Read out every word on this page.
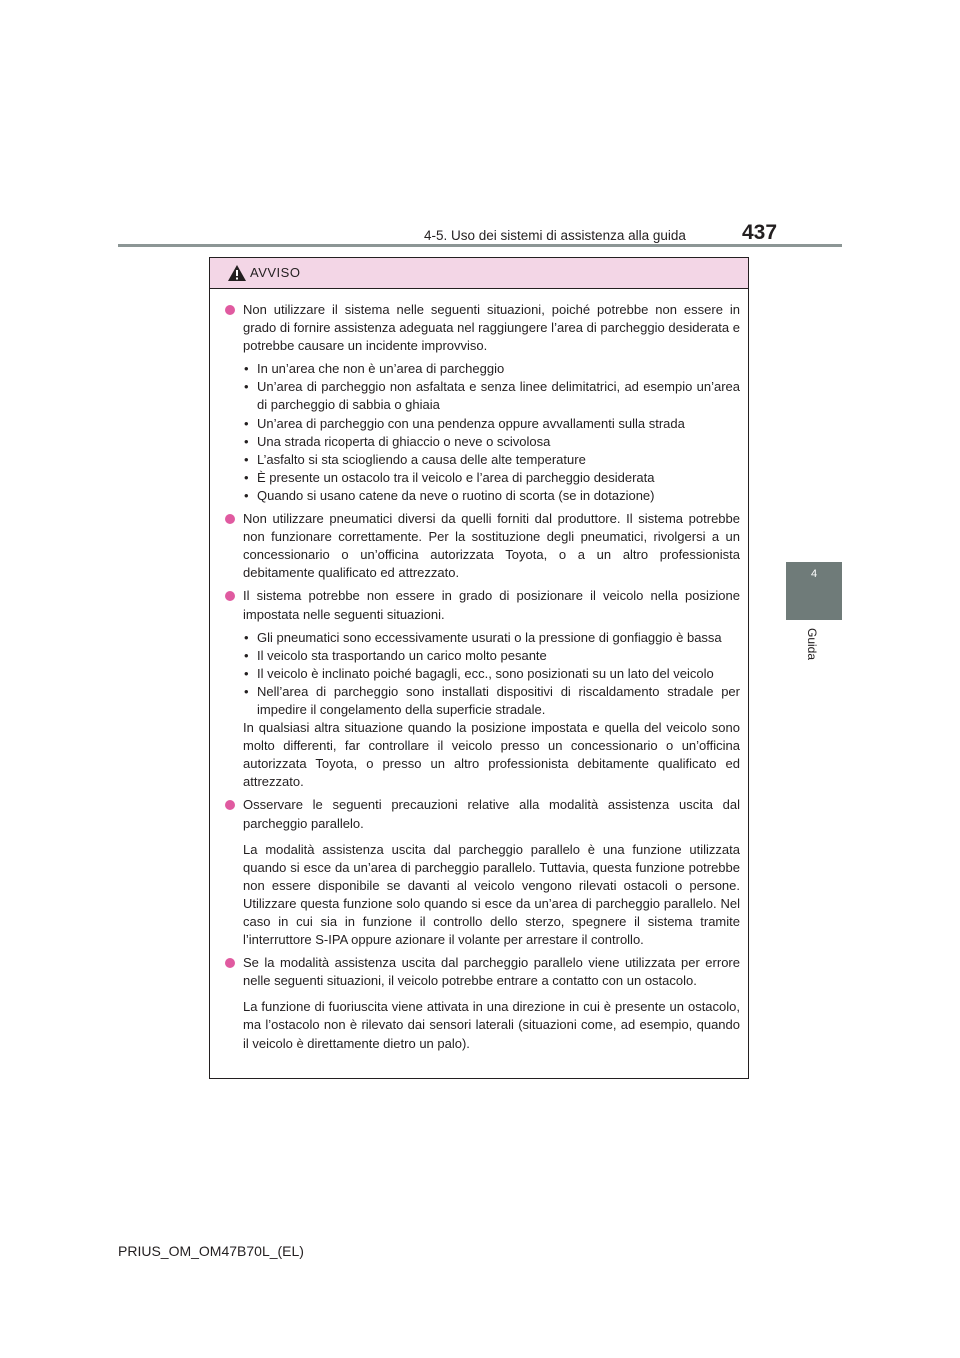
4-5. Uso dei sistemi di assistenza alla guida	437
4
Guida
AVVISO

Non utilizzare il sistema nelle seguenti situazioni, poiché potrebbe non essere in grado di fornire assistenza adeguata nel raggiungere l’area di parcheggio desiderata e potrebbe causare un incidente improvviso.

• In un’area che non è un’area di parcheggio
• Un’area di parcheggio non asfaltata e senza linee delimitatrici, ad esempio un’area di parcheggio di sabbia o ghiaia
• Un’area di parcheggio con una pendenza oppure avvallamenti sulla strada
• Una strada ricoperta di ghiaccio o neve o scivolosa
• L’asfalto si sta sciogliendo a causa delle alte temperature
• È presente un ostacolo tra il veicolo e l’area di parcheggio desiderata
• Quando si usano catene da neve o ruotino di scorta (se in dotazione)

Non utilizzare pneumatici diversi da quelli forniti dal produttore. Il sistema potrebbe non funzionare correttamente. Per la sostituzione degli pneumatici, rivolgersi a un concessionario o un’officina autorizzata Toyota, o a un altro professionista debitamente qualificato ed attrezzato.

Il sistema potrebbe non essere in grado di posizionare il veicolo nella posizione impostata nelle seguenti situazioni.

• Gli pneumatici sono eccessivamente usurati o la pressione di gonfiaggio è bassa
• Il veicolo sta trasportando un carico molto pesante
• Il veicolo è inclinato poiché bagagli, ecc., sono posizionati su un lato del veicolo
• Nell’area di parcheggio sono installati dispositivi di riscaldamento stradale per impedire il congelamento della superficie stradale.

In qualsiasi altra situazione quando la posizione impostata e quella del veicolo sono molto differenti, far controllare il veicolo presso un concessionario o un’officina autorizzata Toyota, o presso un altro professionista debitamente qualificato ed attrezzato.

Osservare le seguenti precauzioni relative alla modalità assistenza uscita dal parcheggio parallelo.

La modalità assistenza uscita dal parcheggio parallelo è una funzione utilizzata quando si esce da un’area di parcheggio parallelo. Tuttavia, questa funzione potrebbe non essere disponibile se davanti al veicolo vengono rilevati ostacoli o persone. Utilizzare questa funzione solo quando si esce da un’area di parcheggio parallelo. Nel caso in cui sia in funzione il controllo dello sterzo, spegnere il sistema tramite l’interruttore S-IPA oppure azionare il volante per arrestare il controllo.

Se la modalità assistenza uscita dal parcheggio parallelo viene utilizzata per errore nelle seguenti situazioni, il veicolo potrebbe entrare a contatto con un ostacolo.

La funzione di fuoriuscita viene attivata in una direzione in cui è presente un ostacolo, ma l’ostacolo non è rilevato dai sensori laterali (situazioni come, ad esempio, quando il veicolo è direttamente dietro un palo).

PRIUS_OM_OM47B70L_(EL)
